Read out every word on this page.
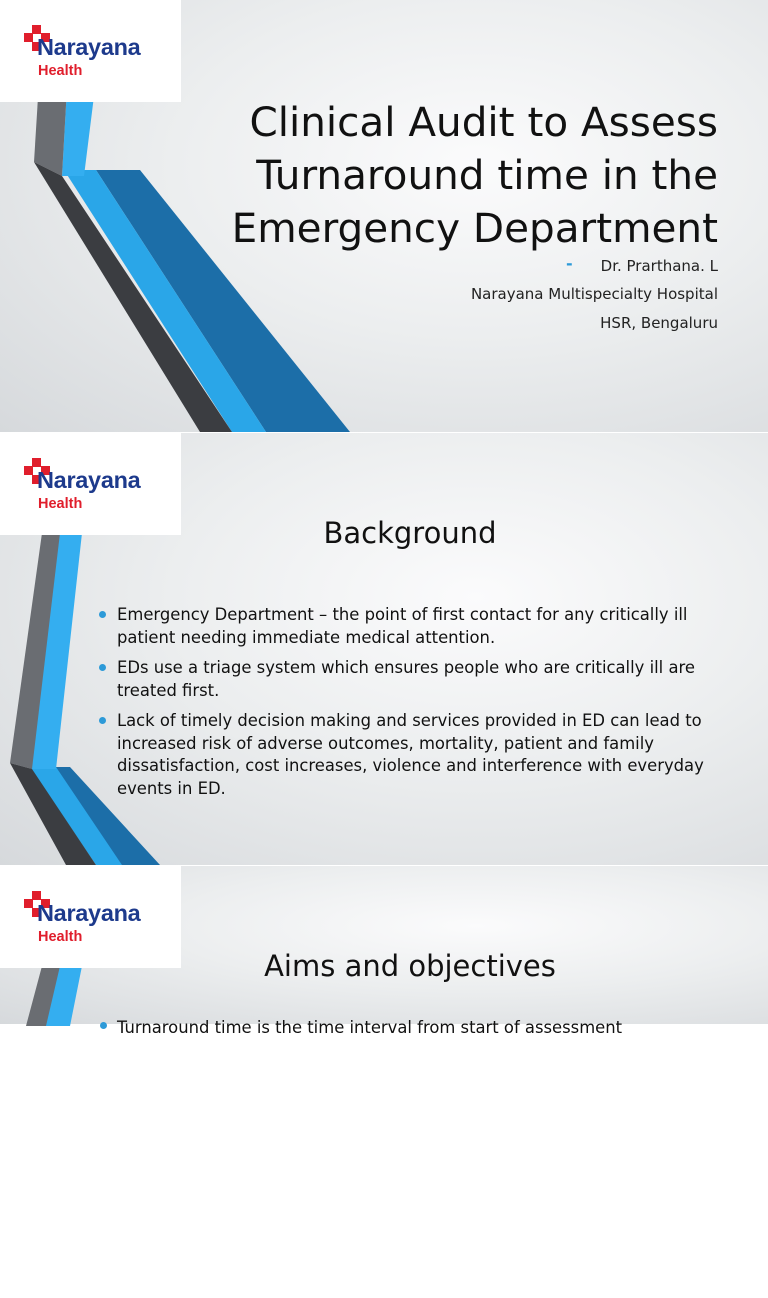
Narayana
Health
Clinical Audit to Assess Turnaround time in the Emergency Department
-	Dr. Prarthana. L
Narayana Multispecialty Hospital
HSR, Bengaluru
Narayana
Health
Background
Emergency Department – the point of first contact for any critically ill patient needing immediate medical attention.
EDs use a triage system which ensures people who are critically ill are treated first.
Lack of timely decision making and services provided in ED can lead to increased risk of adverse outcomes, mortality, patient and family dissatisfaction, cost increases, violence and interference with everyday events in ED.
Narayana
Health
Aims and objectives
Turnaround time is the time interval from start of assessment
